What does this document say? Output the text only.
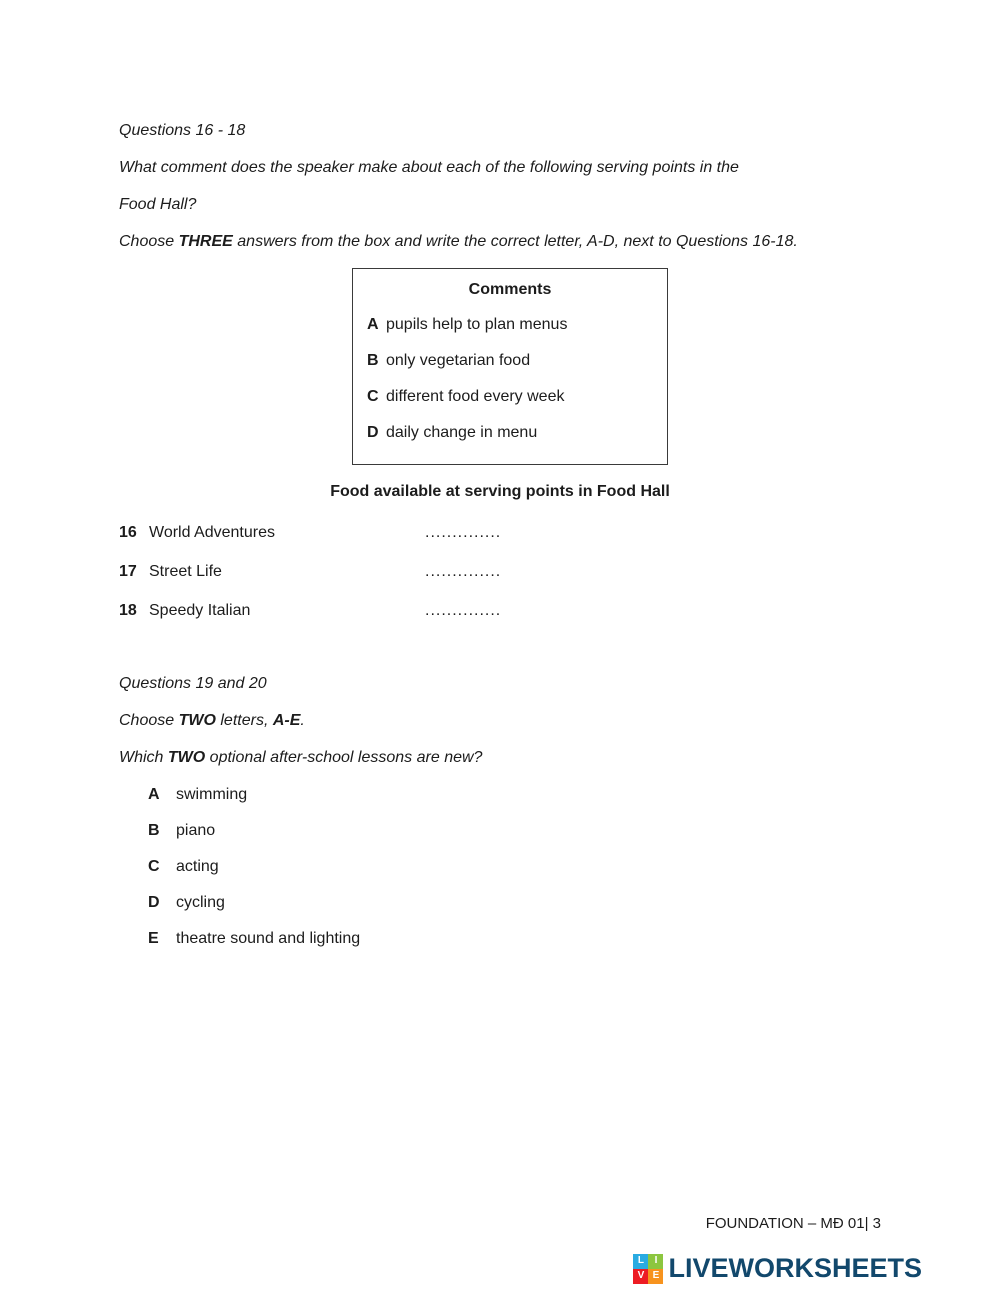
Questions 16 - 18

What comment does the speaker make about each of the following serving points in the

Food Hall?

Choose THREE answers from the box and write the correct letter, A-D, next to Questions 16-18.

Comments
A pupils help to plan menus
B only vegetarian food
C different food every week
D daily change in menu
Food available at serving points in Food Hall
16 World Adventures	..............
17 Street Life	..............
18 Speedy Italian	..............

Questions 19 and 20

Choose TWO letters, A-E.

Which TWO optional after-school lessons are new?

A	swimming
B	piano
C	acting
D	cycling
E	theatre sound and lighting
FOUNDATION – MĐ 01| 3
L	I
V E LIVEWORKSHEETS
